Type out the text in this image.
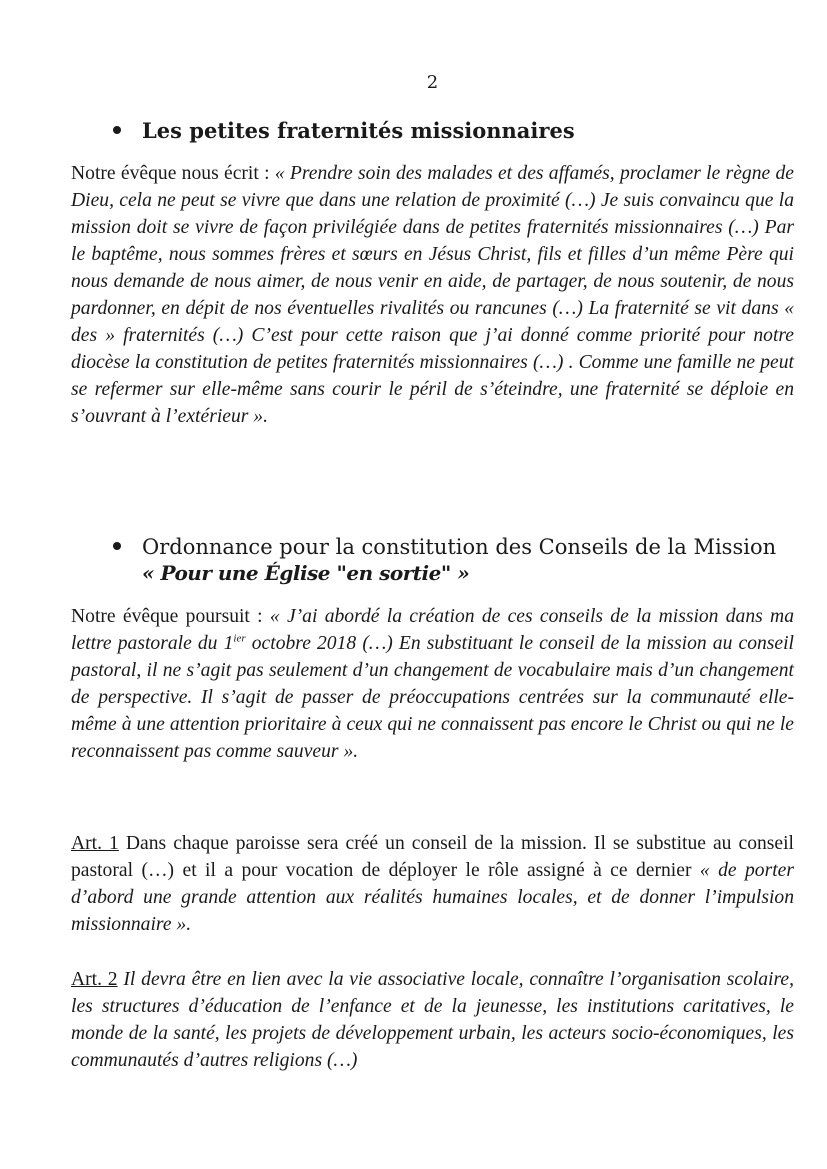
2
Les petites fraternités missionnaires
Notre évêque nous écrit : « Prendre soin des malades et des affamés, proclamer le règne de Dieu, cela ne peut se vivre que dans une relation de proximité (…) Je suis convaincu que la mission doit se vivre de façon privilégiée dans de petites fraternités missionnaires (…) Par le baptême, nous sommes frères et sœurs en Jésus Christ, fils et filles d’un même Père qui nous demande de nous aimer, de nous venir en aide, de partager, de nous soutenir, de nous pardonner, en dépit de nos éventuelles rivalités ou rancunes (…) La fraternité se vit dans « des » fraternités (…) C’est pour cette raison que j’ai donné comme priorité pour notre diocèse la constitution de petites fraternités missionnaires (…) . Comme une famille ne peut se refermer sur elle-même sans courir le péril de s’éteindre, une fraternité se déploie en s’ouvrant à l’extérieur ».
Ordonnance pour la constitution des Conseils de la Mission
« Pour une Église "en sortie" »
Notre évêque poursuit : « J’ai abordé la création de ces conseils de la mission dans ma lettre pastorale du $1^{ier}$ octobre 2018 (…) En substituant le conseil de la mission au conseil pastoral, il ne s’agit pas seulement d’un changement de vocabulaire mais d’un changement de perspective. Il s’agit de passer de préoccupations centrées sur la communauté elle-même à une attention prioritaire à ceux qui ne connaissent pas encore le Christ ou qui ne le reconnaissent pas comme sauveur ».
Art. 1 Dans chaque paroisse sera créé un conseil de la mission. Il se substitue au conseil pastoral (…) et il a pour vocation de déployer le rôle assigné à ce dernier « de porter d’abord une grande attention aux réalités humaines locales, et de donner l’impulsion missionnaire ».
Art. 2 Il devra être en lien avec la vie associative locale, connaître l’organisation scolaire, les structures d’éducation de l’enfance et de la jeunesse, les institutions caritatives, le monde de la santé, les projets de développement urbain, les acteurs socio-économiques, les communautés d’autres religions (…)
